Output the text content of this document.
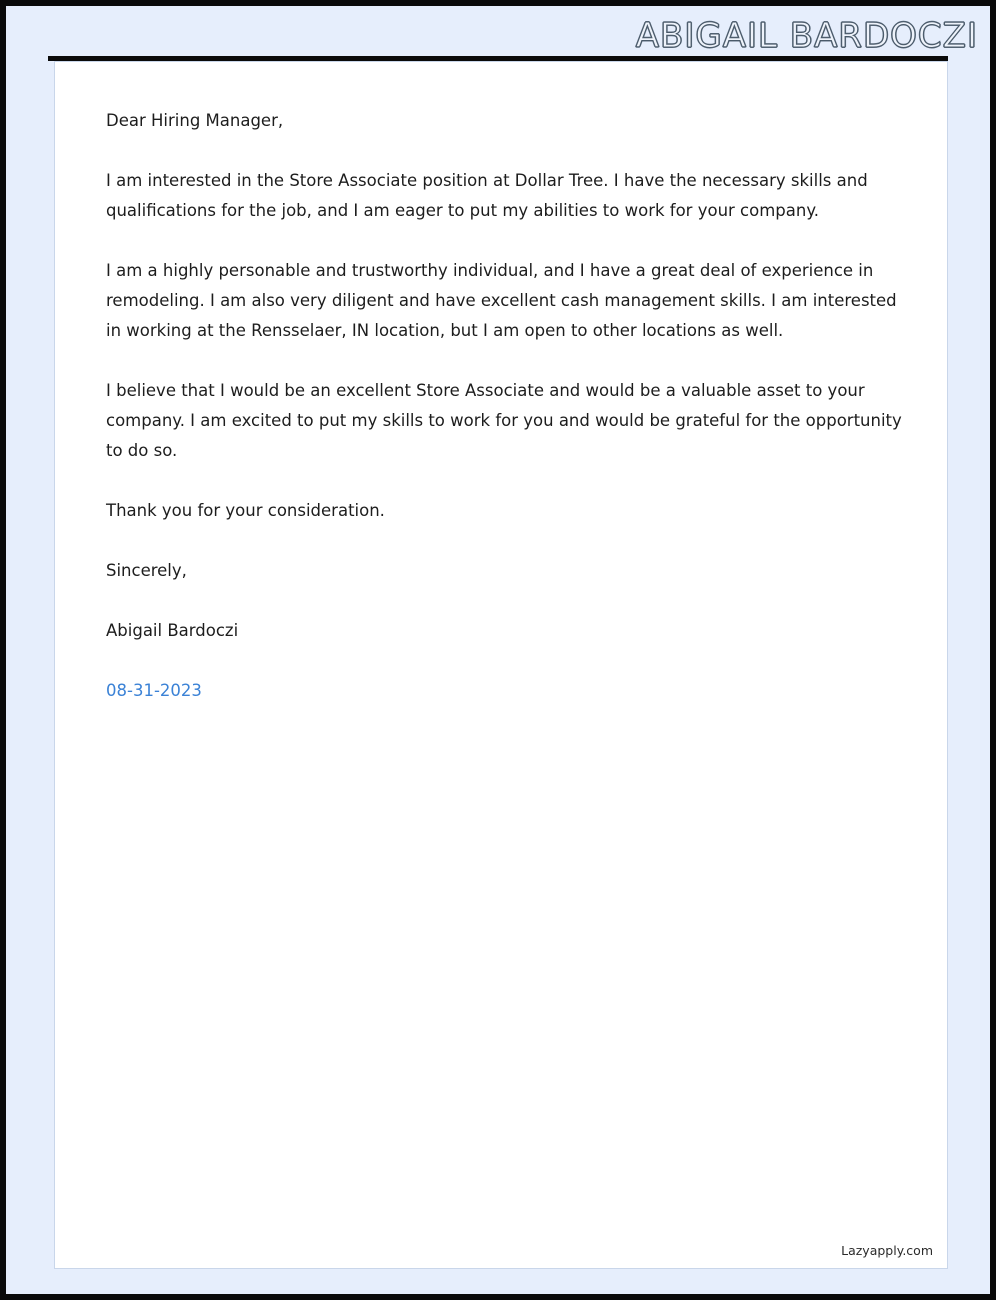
ABIGAIL BARDOCZI

Dear Hiring Manager,

I am interested in the Store Associate position at Dollar Tree. I have the necessary skills and qualifications for the job, and I am eager to put my abilities to work for your company.

I am a highly personable and trustworthy individual, and I have a great deal of experience in remodeling. I am also very diligent and have excellent cash management skills. I am interested in working at the Rensselaer, IN location, but I am open to other locations as well.

I believe that I would be an excellent Store Associate and would be a valuable asset to your company. I am excited to put my skills to work for you and would be grateful for the opportunity to do so.

Thank you for your consideration.

Sincerely,

Abigail Bardoczi

08-31-2023

Lazyapply.com
